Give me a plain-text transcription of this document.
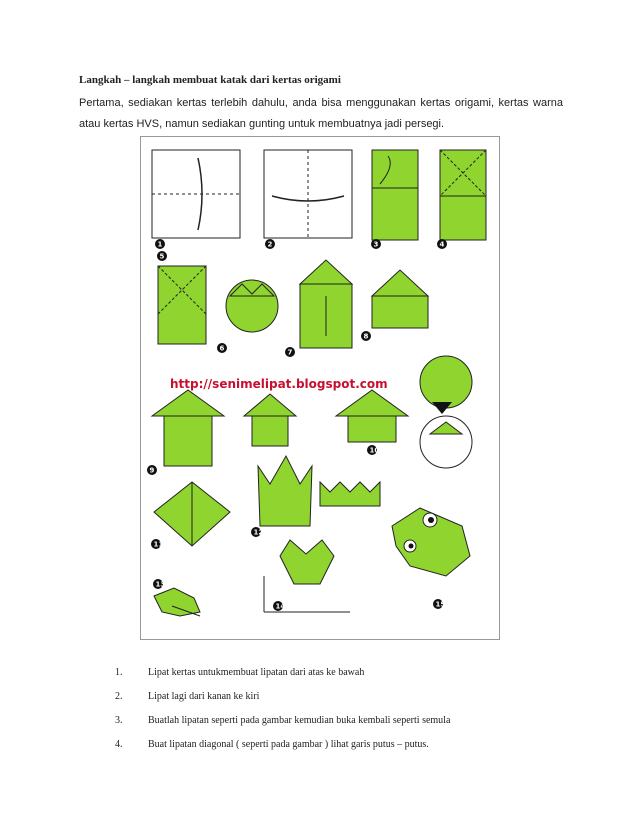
Langkah – langkah membuat katak dari kertas origami
Pertama, sediakan kertas terlebih dahulu, anda bisa menggunakan kertas origami, kertas warna atau kertas HVS, namun sediakan gunting untuk membuatnya jadi persegi.
http://senimelipat.blogspot.com
1	2	3	4
5
6	7
8
9
10
11
12
13
14	15
1.	Lipat kertas untukmembuat lipatan dari atas ke bawah
2.	Lipat lagi dari kanan ke kiri
3.	Buatlah lipatan seperti pada gambar kemudian buka kembali seperti semula
4.	Buat lipatan diagonal ( seperti pada gambar ) lihat garis putus – putus.
